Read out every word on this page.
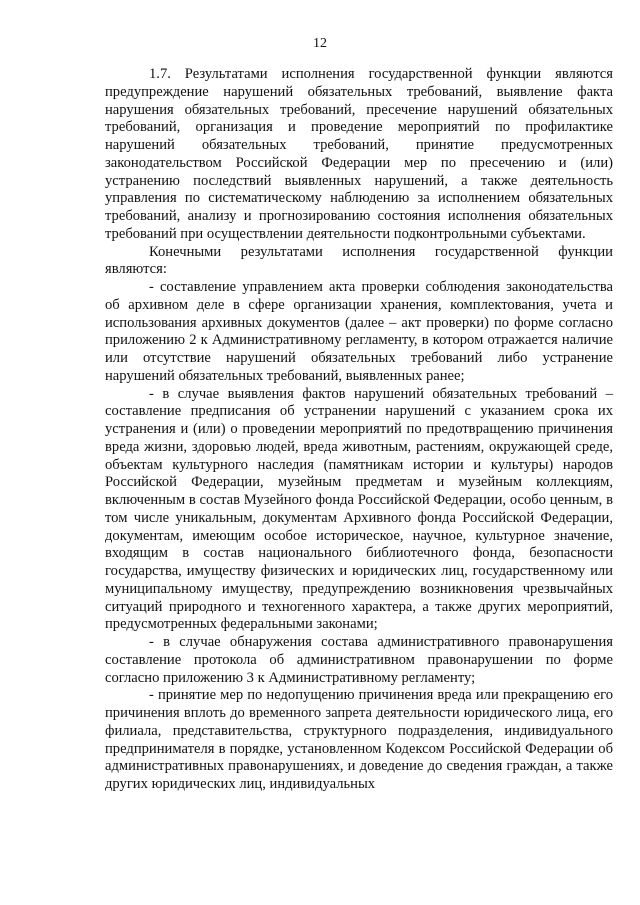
12

1.7. Результатами исполнения государственной функции являются предупреждение нарушений обязательных требований, выявление факта нарушения обязательных требований, пресечение нарушений обязательных требований, организация и проведение мероприятий по профилактике нарушений обязательных требований, принятие предусмотренных законодательством Российской Федерации мер по пресечению и (или) устранению последствий выявленных нарушений, а также деятельность управления по систематическому наблюдению за исполнением обязательных требований, анализу и прогнозированию состояния исполнения обязательных требований при осуществлении деятельности подконтрольными субъектами.

Конечными результатами исполнения государственной функции являются:

- составление управлением акта проверки соблюдения законодательства об архивном деле в сфере организации хранения, комплектования, учета и использования архивных документов (далее – акт проверки) по форме согласно приложению 2 к Административному регламенту, в котором отражается наличие или отсутствие нарушений обязательных требований либо устранение нарушений обязательных требований, выявленных ранее;

- в случае выявления фактов нарушений обязательных требований – составление предписания об устранении нарушений с указанием срока их устранения и (или) о проведении мероприятий по предотвращению причинения вреда жизни, здоровью людей, вреда животным, растениям, окружающей среде, объектам культурного наследия (памятникам истории и культуры) народов Российской Федерации, музейным предметам и музейным коллекциям, включенным в состав Музейного фонда Российской Федерации, особо ценным, в том числе уникальным, документам Архивного фонда Российской Федерации, документам, имеющим особое историческое, научное, культурное значение, входящим в состав национального библиотечного фонда, безопасности государства, имуществу физических и юридических лиц, государственному или муниципальному имуществу, предупреждению возникновения чрезвычайных ситуаций природного и техногенного характера, а также других мероприятий, предусмотренных федеральными законами;

- в случае обнаружения состава административного правонарушения составление протокола об административном правонарушении по форме согласно приложению 3 к Административному регламенту;

- принятие мер по недопущению причинения вреда или прекращению его причинения вплоть до временного запрета деятельности юридического лица, его филиала, представительства, структурного подразделения, индивидуального предпринимателя в порядке, установленном Кодексом Российской Федерации об административных правонарушениях, и доведение до сведения граждан, а также других юридических лиц, индивидуальных
